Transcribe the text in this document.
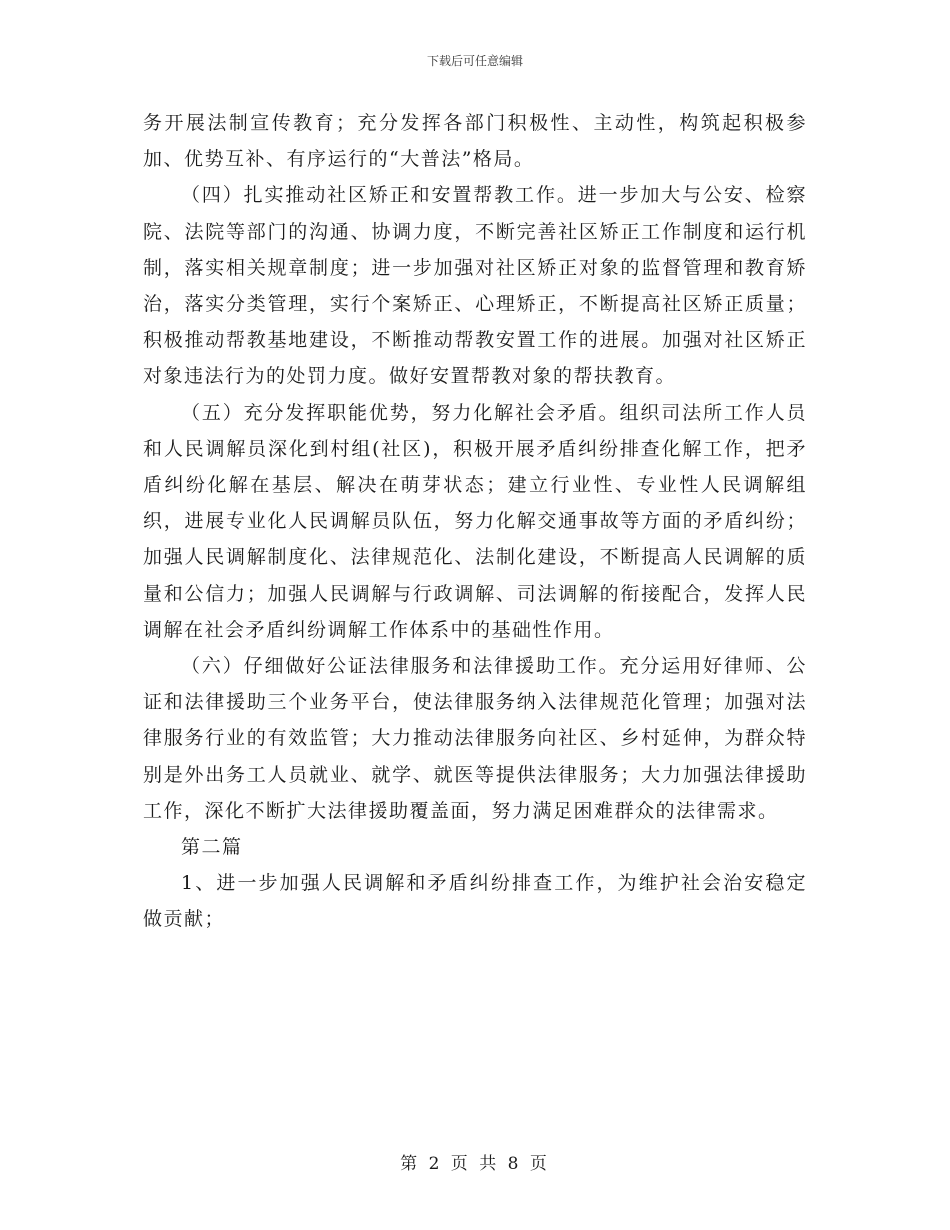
下载后可任意编辑

务开展法制宣传教育；充分发挥各部门积极性、主动性，构筑起积极参加、优势互补、有序运行的“大普法”格局。

（四）扎实推动社区矫正和安置帮教工作。进一步加大与公安、检察院、法院等部门的沟通、协调力度，不断完善社区矫正工作制度和运行机制，落实相关规章制度；进一步加强对社区矫正对象的监督管理和教育矫治，落实分类管理，实行个案矫正、心理矫正，不断提高社区矫正质量；积极推动帮教基地建设，不断推动帮教安置工作的进展。加强对社区矫正对象违法行为的处罚力度。做好安置帮教对象的帮扶教育。

（五）充分发挥职能优势，努力化解社会矛盾。组织司法所工作人员和人民调解员深化到村组(社区)，积极开展矛盾纠纷排查化解工作，把矛盾纠纷化解在基层、解决在萌芽状态；建立行业性、专业性人民调解组织，进展专业化人民调解员队伍，努力化解交通事故等方面的矛盾纠纷；加强人民调解制度化、法律规范化、法制化建设，不断提高人民调解的质量和公信力；加强人民调解与行政调解、司法调解的衔接配合，发挥人民调解在社会矛盾纠纷调解工作体系中的基础性作用。

（六）仔细做好公证法律服务和法律援助工作。充分运用好律师、公证和法律援助三个业务平台，使法律服务纳入法律规范化管理；加强对法律服务行业的有效监管；大力推动法律服务向社区、乡村延伸，为群众特别是外出务工人员就业、就学、就医等提供法律服务；大力加强法律援助工作，深化不断扩大法律援助覆盖面，努力满足困难群众的法律需求。

第二篇

1、进一步加强人民调解和矛盾纠纷排查工作，为维护社会治安稳定做贡献；

第 2 页 共 8 页
